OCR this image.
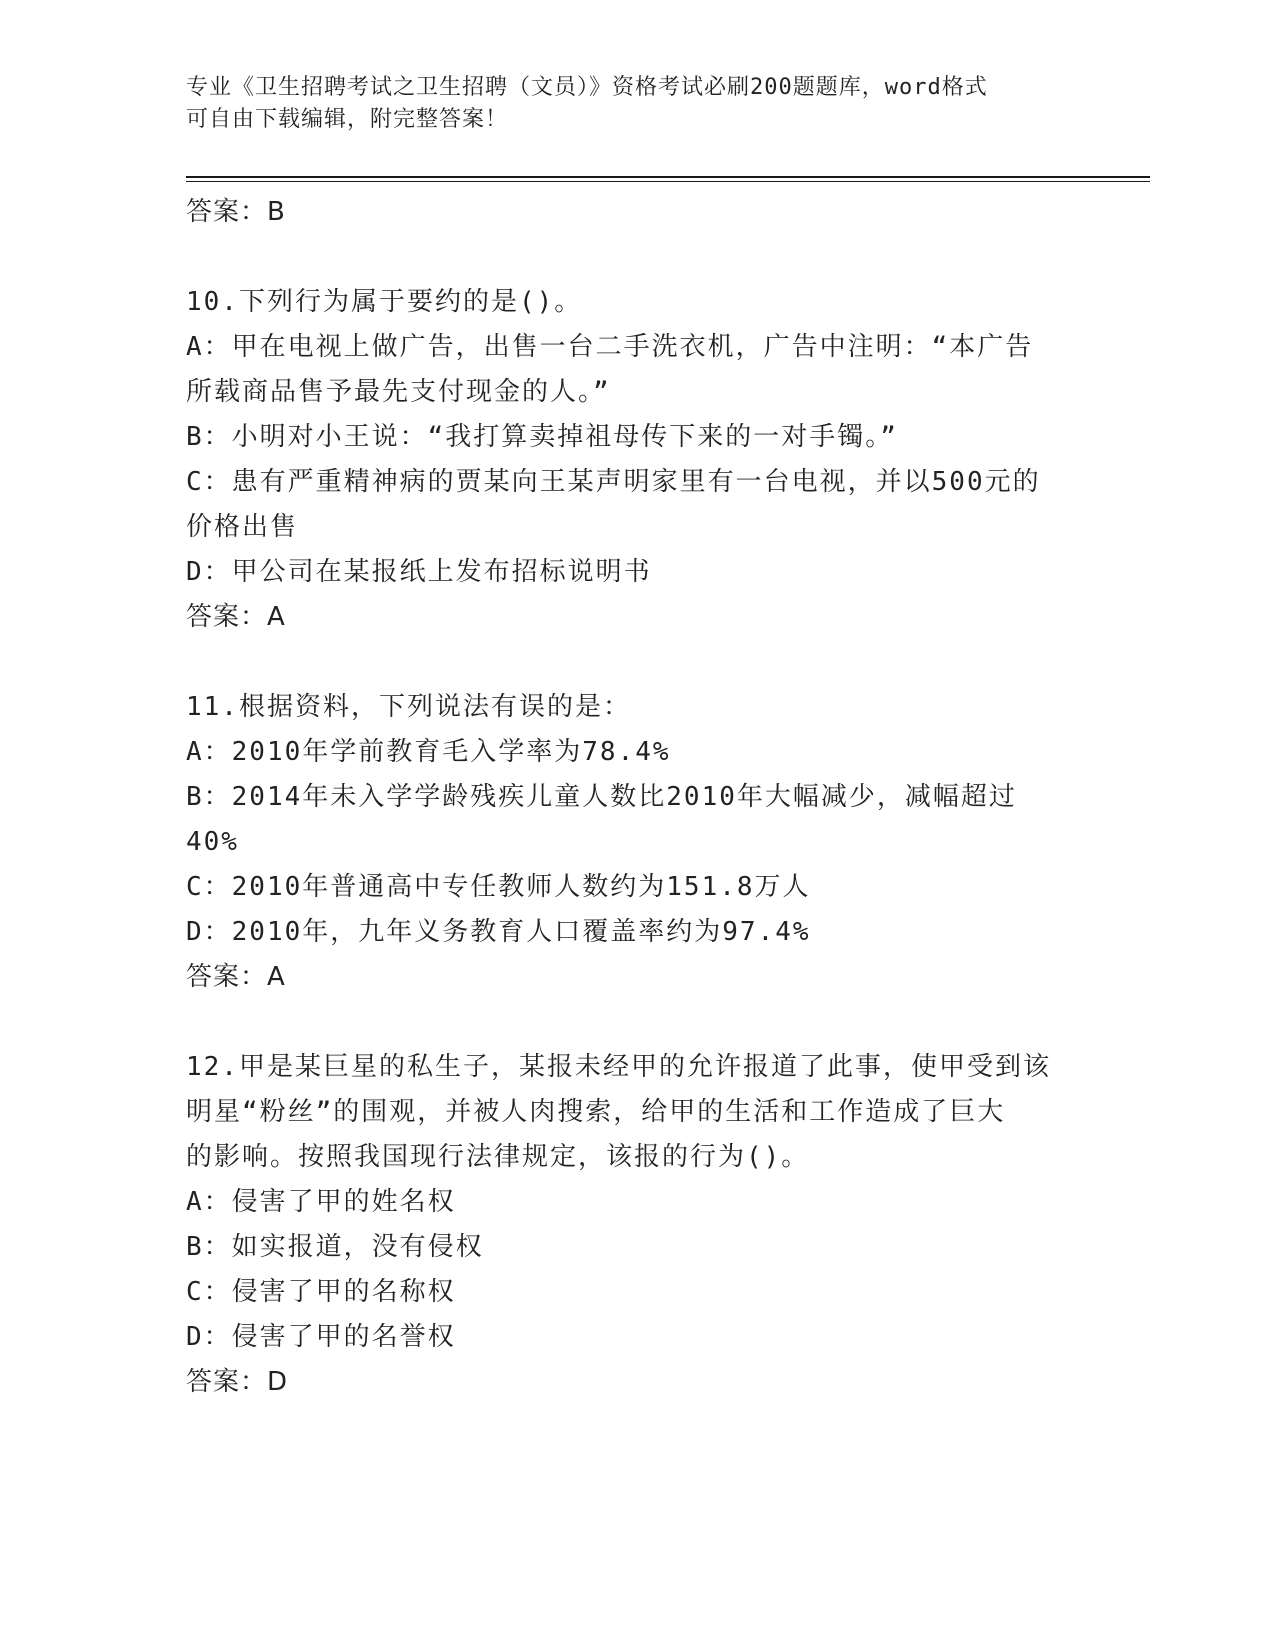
专业《卫生招聘考试之卫生招聘（文员）》资格考试必刷200题题库，word格式
可自由下载编辑，附完整答案！
答案：B
10.下列行为属于要约的是()。
A：甲在电视上做广告，出售一台二手洗衣机，广告中注明：“本广告
所载商品售予最先支付现金的人。”
B：小明对小王说：“我打算卖掉祖母传下来的一对手镯。”
C：患有严重精神病的贾某向王某声明家里有一台电视，并以500元的
价格出售
D：甲公司在某报纸上发布招标说明书
答案：A
11.根据资料，下列说法有误的是：
A：2010年学前教育毛入学率为78.4%
B：2014年未入学学龄残疾儿童人数比2010年大幅减少，减幅超过
40%
C：2010年普通高中专任教师人数约为151.8万人
D：2010年，九年义务教育人口覆盖率约为97.4%
答案：A
12.甲是某巨星的私生子，某报未经甲的允许报道了此事，使甲受到该
明星“粉丝”的围观，并被人肉搜索，给甲的生活和工作造成了巨大
的影响。按照我国现行法律规定，该报的行为()。
A：侵害了甲的姓名权
B：如实报道，没有侵权
C：侵害了甲的名称权
D：侵害了甲的名誉权
答案：D
